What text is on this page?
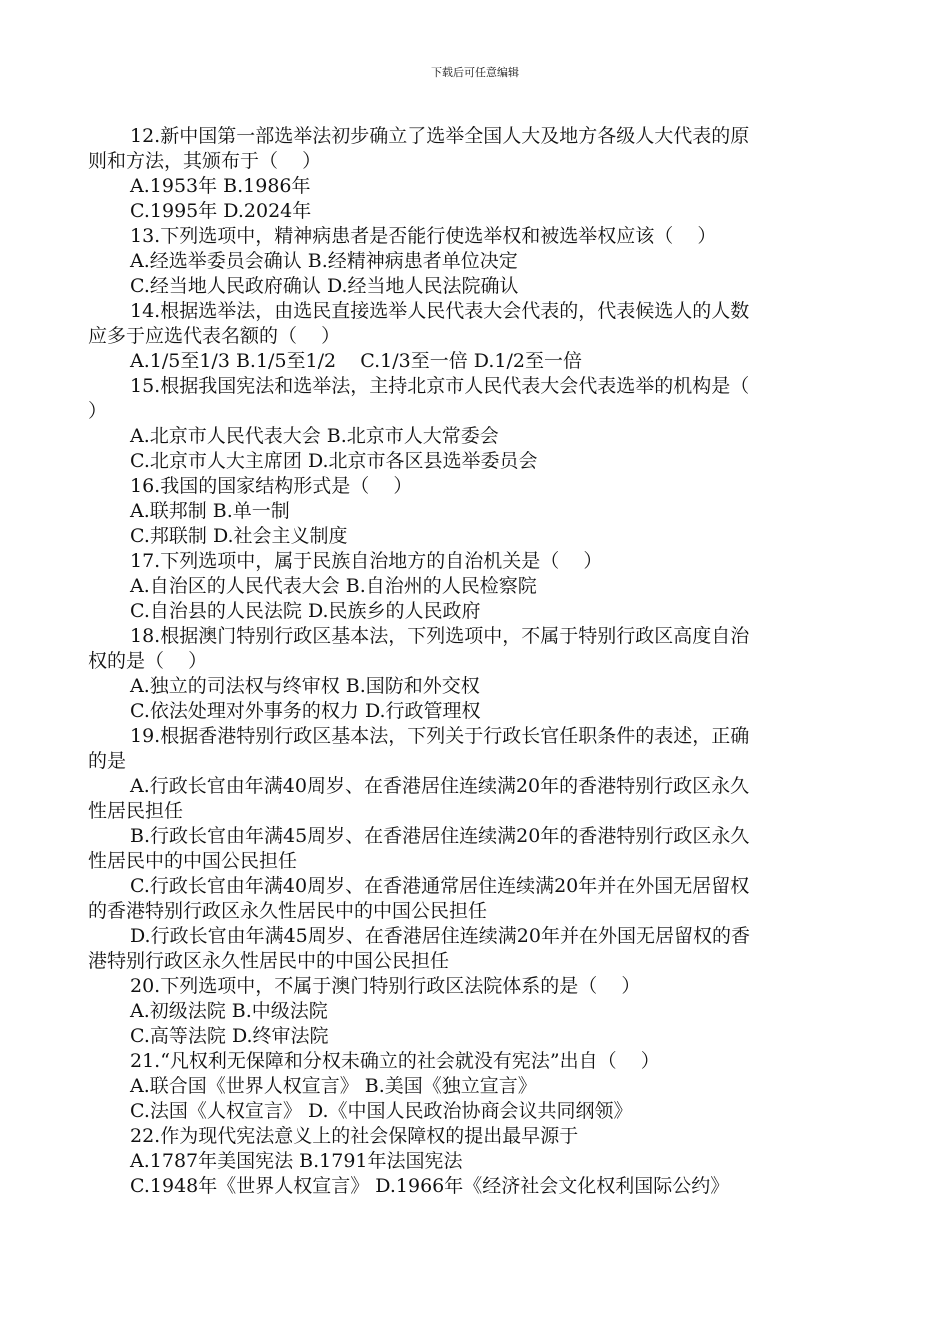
下载后可任意编辑
12.新中国第一部选举法初步确立了选举全国人大及地方各级人大代表的原
则和方法，其颁布于（    ）
A.1953年 B.1986年
C.1995年 D.2024年
13.下列选项中，精神病患者是否能行使选举权和被选举权应该（    ）
A.经选举委员会确认 B.经精神病患者单位决定
C.经当地人民政府确认 D.经当地人民法院确认
14.根据选举法，由选民直接选举人民代表大会代表的，代表候选人的人数
应多于应选代表名额的（    ）
A.1/5至1/3 B.1/5至1/2    C.1/3至一倍 D.1/2至一倍
15.根据我国宪法和选举法，主持北京市人民代表大会代表选举的机构是（
）
A.北京市人民代表大会 B.北京市人大常委会
C.北京市人大主席团 D.北京市各区县选举委员会
16.我国的国家结构形式是（    ）
A.联邦制 B.单一制
C.邦联制 D.社会主义制度
17.下列选项中，属于民族自治地方的自治机关是（    ）
A.自治区的人民代表大会 B.自治州的人民检察院
C.自治县的人民法院 D.民族乡的人民政府
18.根据澳门特别行政区基本法，下列选项中，不属于特别行政区高度自治
权的是（    ）
A.独立的司法权与终审权 B.国防和外交权
C.依法处理对外事务的权力 D.行政管理权
19.根据香港特别行政区基本法，下列关于行政长官任职条件的表述，正确
的是
A.行政长官由年满40周岁、在香港居住连续满20年的香港特别行政区永久
性居民担任
B.行政长官由年满45周岁、在香港居住连续满20年的香港特别行政区永久
性居民中的中国公民担任
C.行政长官由年满40周岁、在香港通常居住连续满20年并在外国无居留权
的香港特别行政区永久性居民中的中国公民担任
D.行政长官由年满45周岁、在香港居住连续满20年并在外国无居留权的香
港特别行政区永久性居民中的中国公民担任
20.下列选项中，不属于澳门特别行政区法院体系的是（    ）
A.初级法院 B.中级法院
C.高等法院 D.终审法院
21.“凡权利无保障和分权未确立的社会就没有宪法”出自（    ）
A.联合国《世界人权宣言》 B.美国《独立宣言》
C.法国《人权宣言》 D.《中国人民政治协商会议共同纲领》
22.作为现代宪法意义上的社会保障权的提出最早源于
A.1787年美国宪法 B.1791年法国宪法
C.1948年《世界人权宣言》 D.1966年《经济社会文化权利国际公约》
